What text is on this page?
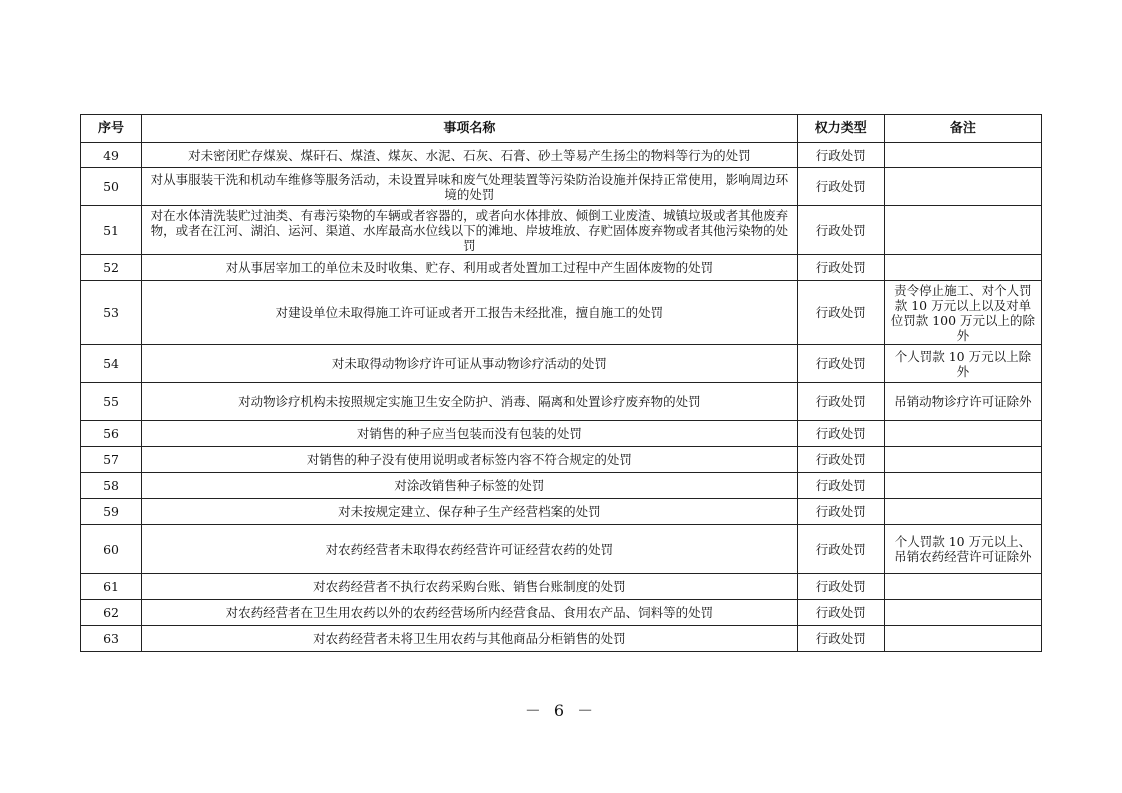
序号	事项名称	权力类型	备注
49	对未密闭贮存煤炭、煤矸石、煤渣、煤灰、水泥、石灰、石膏、砂土等易产生扬尘的物料等行为的处罚	行政处罚	
50	对从事服装干洗和机动车维修等服务活动，未设置异味和废气处理装置等污染防治设施并保持正常使用，影响周边环境的处罚	行政处罚	
51	对在水体清洗装贮过油类、有毒污染物的车辆或者容器的，或者向水体排放、倾倒工业废渣、城镇垃圾或者其他废弃物，或者在江河、湖泊、运河、渠道、水库最高水位线以下的滩地、岸坡堆放、存贮固体废弃物或者其他污染物的处罚	行政处罚	
52	对从事居宰加工的单位未及时收集、贮存、利用或者处置加工过程中产生固体废物的处罚	行政处罚	
53	对建设单位未取得施工许可证或者开工报告未经批准，擅自施工的处罚	行政处罚	责令停止施工、对个人罚款 10 万元以上以及对单位罚款 100 万元以上的除外
54	对未取得动物诊疗许可证从事动物诊疗活动的处罚	行政处罚	个人罚款 10 万元以上除外
55	对动物诊疗机构未按照规定实施卫生安全防护、消毒、隔离和处置诊疗废弃物的处罚	行政处罚	吊销动物诊疗许可证除外
56	对销售的种子应当包装而没有包装的处罚	行政处罚	
57	对销售的种子没有使用说明或者标签内容不符合规定的处罚	行政处罚	
58	对涂改销售种子标签的处罚	行政处罚	
59	对未按规定建立、保存种子生产经营档案的处罚	行政处罚	
60	对农药经营者未取得农药经营许可证经营农药的处罚	行政处罚	个人罚款 10 万元以上、吊销农药经营许可证除外
61	对农药经营者不执行农药采购台账、销售台账制度的处罚	行政处罚	
62	对农药经营者在卫生用农药以外的农药经营场所内经营食品、食用农产品、饲料等的处罚	行政处罚	
63	对农药经营者未将卫生用农药与其他商品分柜销售的处罚	行政处罚	
－ 6 －
